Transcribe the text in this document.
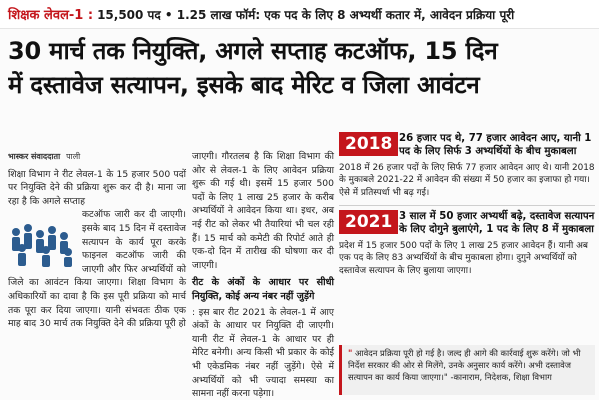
शिक्षक लेवल-1 : 15,500 पद • 1.25 लाख फॉर्म: एक पद के लिए 8 अभ्यर्थी कतार में, आवेदन प्रक्रिया पूरी
30 मार्च तक नियुक्ति, अगले सप्ताह कटऑफ, 15 दिन
में दस्तावेज सत्यापन, इसके बाद मेरिट व जिला आवंटन
भास्कर संवाददाता पाली

शिक्षा विभाग ने रीट लेवल-1 के 15 हजार 500 पदों पर नियुक्ति देने की प्रक्रिया शुरू कर दी है। माना जा रहा है कि अगले सप्ताह

कटऑफ जारी कर दी जाएगी। इसके बाद 15 दिन में दस्तावेज सत्यापन के कार्य पूरा करके फाइनल कटऑफ जारी की जाएगी और फिर अभ्यर्थियों को जिले का आवंटन किया जाएगा। शिक्षा विभाग के अधिकारियों का दावा है कि इस पूरी प्रक्रिया को मार्च तक पूरा कर दिया जाएगा। यानी संभवतः ठीक एक माह बाद 30 मार्च तक नियुक्ति देने की प्रक्रिया पूरी हो

जाएगी। गौरतलब है कि शिक्षा विभाग की ओर से लेवल-1 के लिए आवेदन प्रक्रिया शुरू की गई थी। इसमें 15 हजार 500 पदों के लिए 1 लाख 25 हजार के करीब अभ्यर्थियों ने आवेदन किया था। इधर, अब नई रीट को लेकर भी तैयारियां भी चल रही हैं। 15 मार्च को कमेटी की रिपोर्ट आते ही एक-दो दिन में तारीख की घोषणा कर दी जाएगी।

रीट के अंकों के आधार पर सीधी नियुक्ति, कोई अन्य नंबर नहीं जुड़ेंगे

: इस बार रीट 2021 के लेवल-1 में आए अंकों के आधार पर नियुक्ति दी जाएगी। यानी रीट में लेवल-1 के आधार पर ही मेरिट बनेगी। अन्य किसी भी प्रकार के कोई भी एकेडमिक नंबर नहीं जुड़ेंगे। ऐसे में अभ्यर्थियों को भी ज्यादा समस्या का सामना नहीं करना पड़ेगा।

2018 26 हजार पद थे, 77 हजार आवेदन आए, यानी 1 पद के लिए सिर्फ 3 अभ्यर्थियों के बीच मुकाबला
2018 में 26 हजार पदों के लिए सिर्फ 77 हजार आवेदन आए थे। यानी 2018 के मुकाबले 2021-22 में आवेदन की संख्या में 50 हजार का इजाफा हो गया। ऐसे में प्रतिस्पर्धा भी बढ़ गई।
2021 3 साल में 50 हजार अभ्यर्थी बढ़े, दस्तावेज सत्यापन के लिए दोगुने बुलाएंगे, 1 पद के लिए 8 में मुकाबला
प्रदेश में 15 हजार 500 पदों के लिए 1 लाख 25 हजार आवेदन हैं। यानी अब एक पद के लिए 83 अभ्यर्थियों के बीच मुकाबला होगा। दुगुने अभ्यर्थियों को दस्तावेज सत्यापन के लिए बुलाया जाएगा।
" आवेदन प्रक्रिया पूरी हो गई है। जल्द ही आगे की कार्रवाई शुरू करेंगे। जो भी निर्देश सरकार की ओर से मिलेंगे, उनके अनुसार कार्य करेंगे। अभी दस्तावेज सत्यापन का कार्य किया जाएगा।" -कानाराम, निदेशक, शिक्षा विभाग
